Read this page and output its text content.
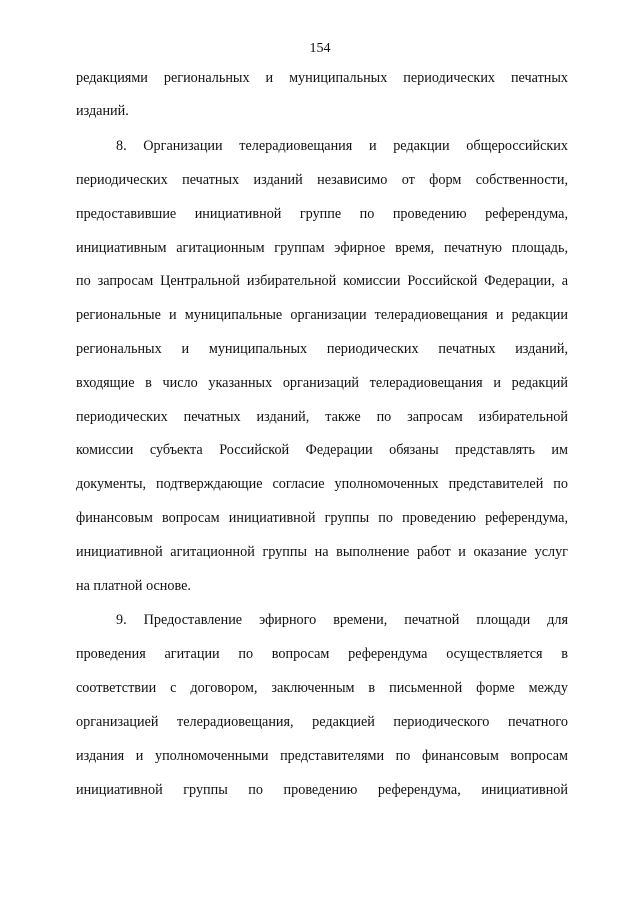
154
редакциями региональных и муниципальных периодических печатных
изданий.
8. Организации телерадиовещания и редакции общероссийских
периодических печатных изданий независимо от форм собственности,
предоставившие инициативной группе по проведению референдума,
инициативным агитационным группам эфирное время, печатную площадь,
по запросам Центральной избирательной комиссии Российской Федерации, а
региональные и муниципальные организации телерадиовещания и редакции
региональных и муниципальных периодических печатных изданий,
входящие в число указанных организаций телерадиовещания и редакций
периодических печатных изданий, также по запросам избирательной
комиссии субъекта Российской Федерации обязаны представлять им
документы, подтверждающие согласие уполномоченных представителей по
финансовым вопросам инициативной группы по проведению референдума,
инициативной агитационной группы на выполнение работ и оказание услуг
на платной основе.
9. Предоставление эфирного времени, печатной площади для
проведения агитации по вопросам референдума осуществляется в
соответствии с договором, заключенным в письменной форме между
организацией телерадиовещания, редакцией периодического печатного
издания и уполномоченными представителями по финансовым вопросам
инициативной группы по проведению референдума, инициативной
